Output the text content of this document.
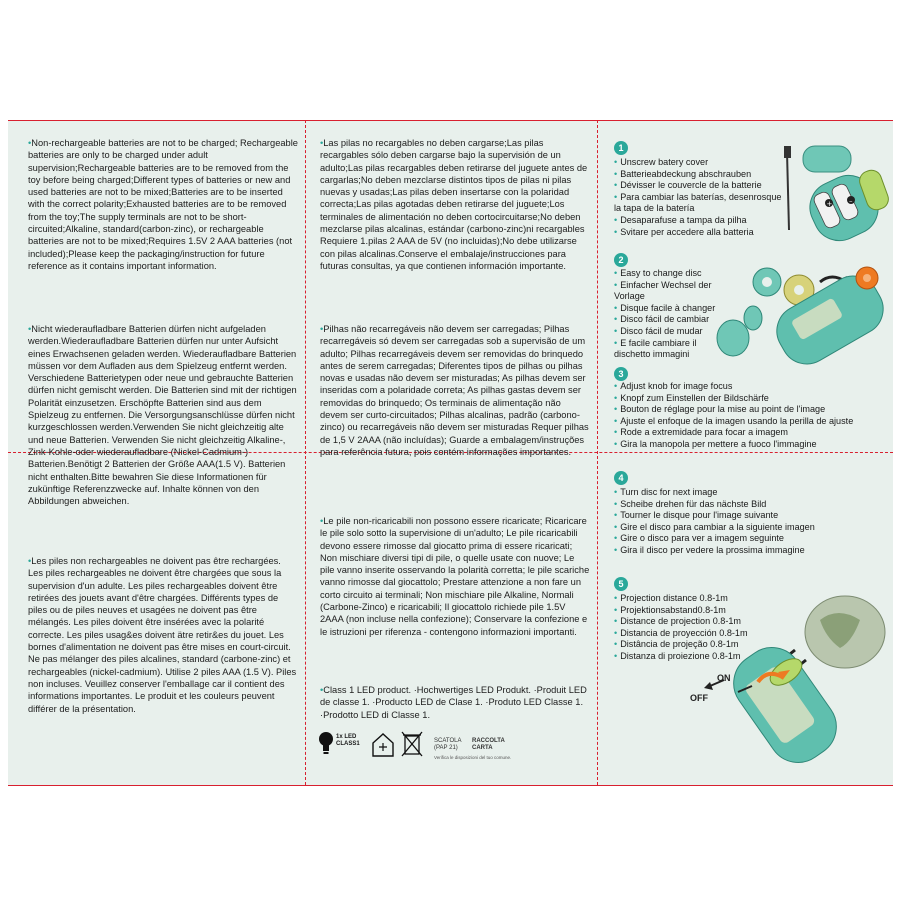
•Non-rechargeable batteries are not to be charged; Rechargeable batteries are only to be charged under adult supervision;Rechargeable batteries are to be removed from the toy before being charged;Different types of batteries or new and used batteries are not to be mixed;Batteries are to be inserted with the correct polarity;Exhausted batteries are to be removed from the toy;The supply terminals are not to be short-circuited;Alkaline, standard(carbon-zinc), or rechargeable batteries are not to be mixed;Requires 1.5V 2 AAA batteries (not included);Please keep the packaging/instruction for future reference as it contains important information.

•Nicht wiederaufladbare Batterien dürfen nicht aufgeladen werden.Wiederaufladbare Batterien dürfen nur unter Aufsicht eines Erwachsenen geladen werden. Wiederaufladbare Batterien müssen vor dem Aufladen aus dem Spielzeug entfernt werden. Verschiedene Batterietypen oder neue und gebrauchte Batterien dürfen nicht gemischt werden. Die Batterien sind mit der richtigen Polarität einzusetzen. Erschöpfte Batterien sind aus dem Spielzeug zu entfernen. Die Versorgungsanschlüsse dürfen nicht kurzgeschlossen werden.Verwenden Sie nicht gleichzeitig alte und neue Batterien. Verwenden Sie nicht gleichzeitig Alkaline-, Zink-Kohle-oder wiederaufladbare (Nickel-Cadmium-) Batterien.Benötigt 2 Batterien der Größe AAA(1.5 V). Batterien nicht enthalten.Bitte bewahren Sie diese Informationen für zukünftige Referenzzwecke auf. Inhalte können von den Abbildungen abweichen.

•Les piles non rechargeables ne doivent pas être rechargées. Les piles rechargeables ne doivent être chargées que sous la supervision d'un adulte. Les piles rechargeables doivent être retirées des jouets avant d'être chargées. Différents types de piles ou de piles neuves et usagées ne doivent pas être mélangés. Les piles doivent être insérées avec la polarité correcte. Les piles usag&es doivent ätre retir&es du jouet. Les bornes d'alimentation ne doivent pas être mises en court-circuit. Ne pas mélanger des piles alcalines, standard (carbone-zinc) et rechargeables (nickel-cadmium). Utilise 2 piles AAA (1.5 V). Piles non incluses. Veuillez conserver l'emballage car il contient des informations importantes. Le produit et les couleurs peuvent différer de la présentation.

•Las pilas no recargables no deben cargarse;Las pilas recargables sólo deben cargarse bajo la supervisión de un adulto;Las pilas recargables deben retirarse del juguete antes de cargarlas;No deben mezclarse distintos tipos de pilas ni pilas nuevas y usadas;Las pilas deben insertarse con la polaridad correcta;Las pilas agotadas deben retirarse del juguete;Los terminales de alimentación no deben cortocircuitarse;No deben mezclarse pilas alcalinas, estándar (carbono-zinc)ni recargables Requiere 1.pilas 2 AAA de 5V (no incluidas);No debe utilizarse con pilas alcalinas.Conserve el embalaje/instrucciones para futuras consultas, ya que contienen información importante.

•Pilhas não recarregáveis não devem ser carregadas; Pilhas recarregáveis só devem ser carregadas sob a supervisão de um adulto; Pilhas recarregáveis devem ser removidas do brinquedo antes de serem carregadas; Diferentes tipos de pilhas ou pilhas novas e usadas não devem ser misturadas; As pilhas devem ser inseridas com a polaridade correta; As pilhas gastas devem ser removidas do brinquedo; Os terminais de alimentação não devem ser curto-circuitados; Pilhas alcalinas, padrão (carbono-zinco) ou recarregáveis não devem ser misturadas Requer pilhas de 1,5 V 2AAA (não incluídas); Guarde a embalagem/instruções para referência futura, pois contém informações importantes.

•Le pile non-ricaricabili non possono essere ricaricate; Ricaricare le pile solo sotto la supervisione di un'adulto; Le pile ricaricabili devono essere rimosse dal giocatto prima di essere ricaricati; Non mischiare diversi tipi di pile, o quelle usate con nuove; Le pile vanno inserite osservando la polarità corretta; le pile scariche vanno rimosse dal giocattolo; Prestare attenzione a non fare un corto circuito ai terminali; Non mischiare pile Alkaline, Normali (Carbone-Zinco) e ricaricabili; Il giocattolo richiede pile 1.5V 2AAA (non incluse nella confezione); Conservare la confezione e le istruzioni per riferenza - contengono informazioni importanti.

•Class 1 LED product. ·Hochwertiges LED Produkt. ·Produit LED de classe 1. ·Producto LED de Clase 1. ·Produto LED Classe 1. ·Prodotto LED di Classe 1.

1x LED CLASS1	SCATOLA
(PAP 21)
RACCOLTA
CARTA
Verifica le disposizioni del tuo comune.
1
• Unscrew batery cover
• Batterieabdeckung abschrauben
• Dévisser le couvercle de la batterie
• Para cambiar las baterías, desenrosque la tapa de la batería
• Desaparafuse a tampa da pilha
• Svitare per accedere alla batteria
2
• Easy to change disc
• Einfacher Wechsel der Vorlage
• Disque facile à changer
• Disco fácil de cambiar
• Disco fácil de mudar
• E facile cambiare il dischetto immagini
3
• Adjust knob for image focus
• Knopf zum Einstellen der Bildschärfe
• Bouton de réglage pour la mise au point de l'image
• Ajuste el enfoque de la imagen usando la perilla de ajuste
• Rode a extremidade para focar a imagem
• Gira la manopola per mettere a fuoco l'immagine
4
• Turn disc for next image
• Scheibe drehen für das nächste Bild
• Tourner le disque pour l'image suivante
• Gire el disco para cambiar a la siguiente imagen
• Gire o disco para ver a imagem seguinte
• Gira il disco per vedere la prossima immagine
5
• Projection distance 0.8-1m
• Projektionsabstand0.8-1m
• Distance de projection 0.8-1m
• Distancia de proyección 0.8-1m
• Distância de projeção 0.8-1m
• Distanza di proiezione 0.8-1m
+ –
ON
OFF
